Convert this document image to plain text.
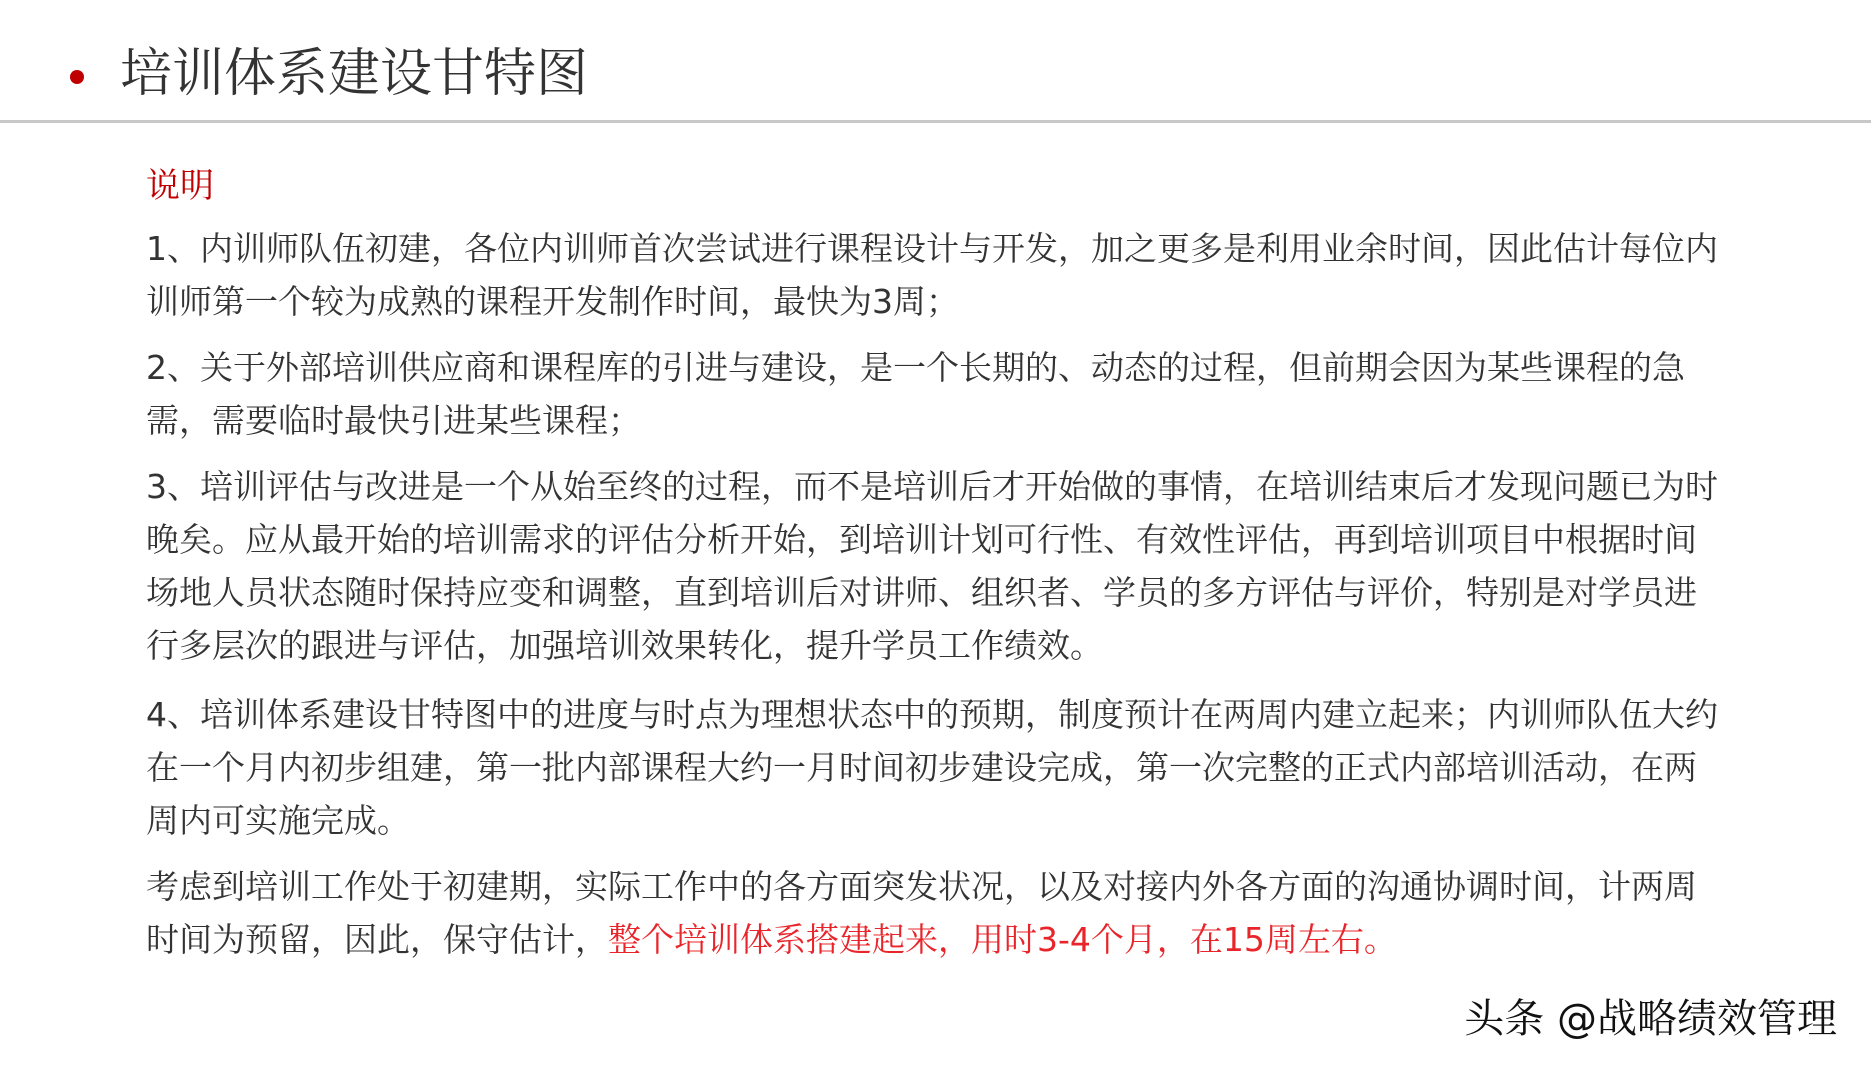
培训体系建设甘特图
说明

1、内训师队伍初建，各位内训师首次尝试进行课程设计与开发，加之更多是利用业余时间，因此估计每位内训师第一个较为成熟的课程开发制作时间，最快为3周；

2、关于外部培训供应商和课程库的引进与建设，是一个长期的、动态的过程，但前期会因为某些课程的急需，需要临时最快引进某些课程；

3、培训评估与改进是一个从始至终的过程，而不是培训后才开始做的事情，在培训结束后才发现问题已为时晚矣。应从最开始的培训需求的评估分析开始，到培训计划可行性、有效性评估，再到培训项目中根据时间场地人员状态随时保持应变和调整，直到培训后对讲师、组织者、学员的多方评估与评价，特别是对学员进行多层次的跟进与评估，加强培训效果转化，提升学员工作绩效。

4、培训体系建设甘特图中的进度与时点为理想状态中的预期，制度预计在两周内建立起来；内训师队伍大约在一个月内初步组建，第一批内部课程大约一月时间初步建设完成，第一次完整的正式内部培训活动，在两周内可实施完成。

考虑到培训工作处于初建期，实际工作中的各方面突发状况，以及对接内外各方面的沟通协调时间，计两周时间为预留，因此，保守估计，整个培训体系搭建起来，用时3-4个月，在15周左右。

头条 @战略绩效管理
